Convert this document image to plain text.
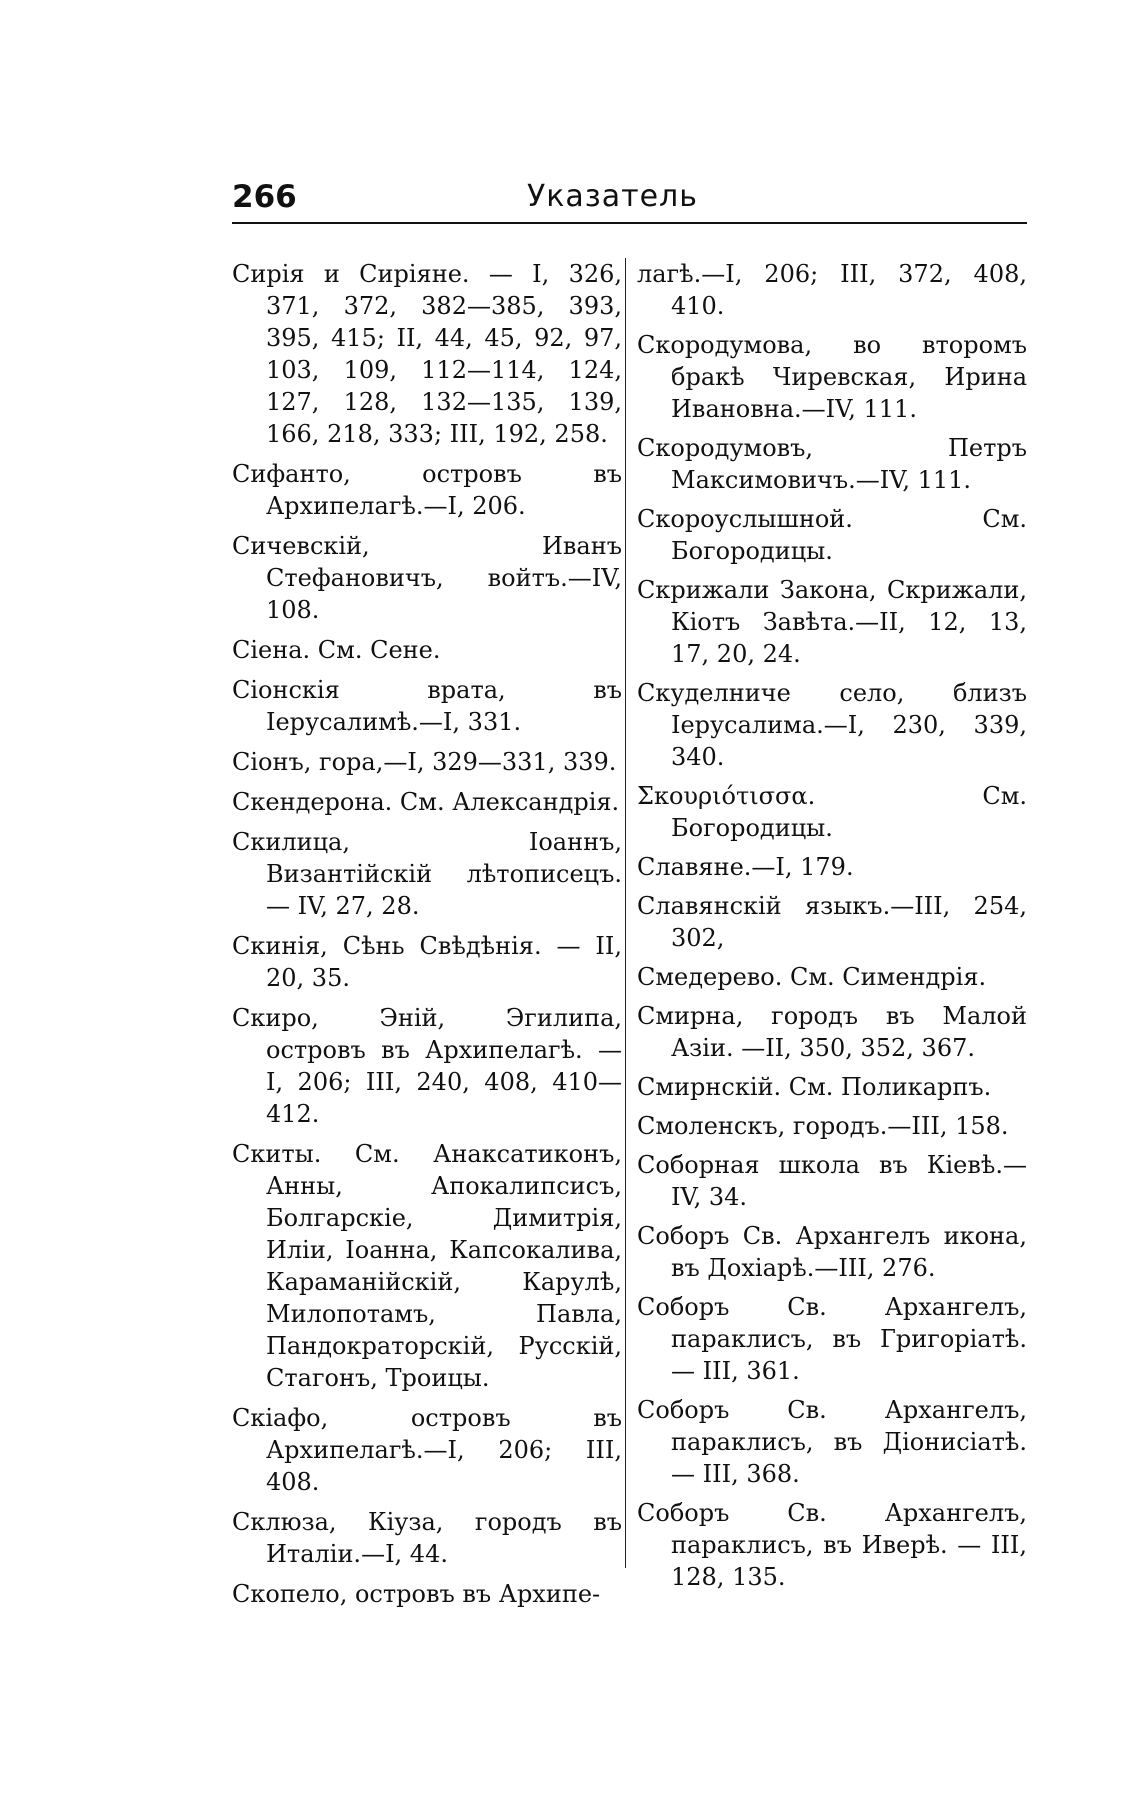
266	Указатель

Сирія и Сиріяне. — I, 326, 371, 372, 382—385, 393, 395, 415; II, 44, 45, 92, 97, 103, 109, 112—114, 124, 127, 128, 132—135, 139, 166, 218, 333; III, 192, 258.

Сифанто, островъ въ Архипелагѣ.—I, 206.

Сичевскій, Иванъ Стефановичъ, войтъ.—IV, 108.

Сіена. См. Сене.

Сіонскія врата, въ Іерусалимѣ.—I, 331.

Сіонъ, гора,—I, 329—331, 339.

Скендерона. См. Александрія.

Скилица, Іоаннъ, Византійскій лѣтописецъ. — IV, 27, 28.

Скинія, Сѣнь Свѣдѣнія. — II, 20, 35.

Скиро, Эній, Эгилипа, островъ въ Архипелагѣ. — I, 206; III, 240, 408, 410—412.

Скиты. См. Анаксатиконъ, Анны, Апокалипсисъ, Болгарскіе, Димитрія, Иліи, Іоанна, Капсокалива, Караманійскій, Карулѣ, Милопотамъ, Павла, Пандократорскій, Русскій, Стагонъ, Троицы.

Скіафо, островъ въ Архипелагѣ.—I, 206; III, 408.

Склюза, Кіуза, городъ въ Италіи.—I, 44.

Скопело, островъ въ Архипе-

лагѣ.—I, 206; III, 372, 408, 410.

Скородумова, во второмъ бракѣ Чиревская, Ирина Ивановна.—IV, 111.

Скородумовъ, Петръ Максимовичъ.—IV, 111.

Скороуслышной. См. Богородицы.

Скрижали Закона, Скрижали, Кіотъ Завѣта.—II, 12, 13, 17, 20, 24.

Скуделничe село, близъ Іерусалима.—I, 230, 339, 340.

Σκουριότισσα. См. Богородицы.

Славяне.—I, 179.

Славянскій языкъ.—III, 254, 302,

Смедерево. См. Симендрія.

Смирна, городъ въ Малой Азіи. —II, 350, 352, 367.

Смирнскій. См. Поликарпъ.

Смоленскъ, городъ.—III, 158.

Соборная школа въ Кіевѣ.— IV, 34.

Соборъ Св. Архангелъ икона, въ Дохіарѣ.—III, 276.

Соборъ Св. Архангелъ, параклисъ, въ Григоріатѣ. — III, 361.

Соборъ Св. Архангелъ, параклисъ, въ Діонисіатѣ. — III, 368.

Соборъ Св. Архангелъ, параклисъ, въ Иверѣ. — III, 128, 135.
